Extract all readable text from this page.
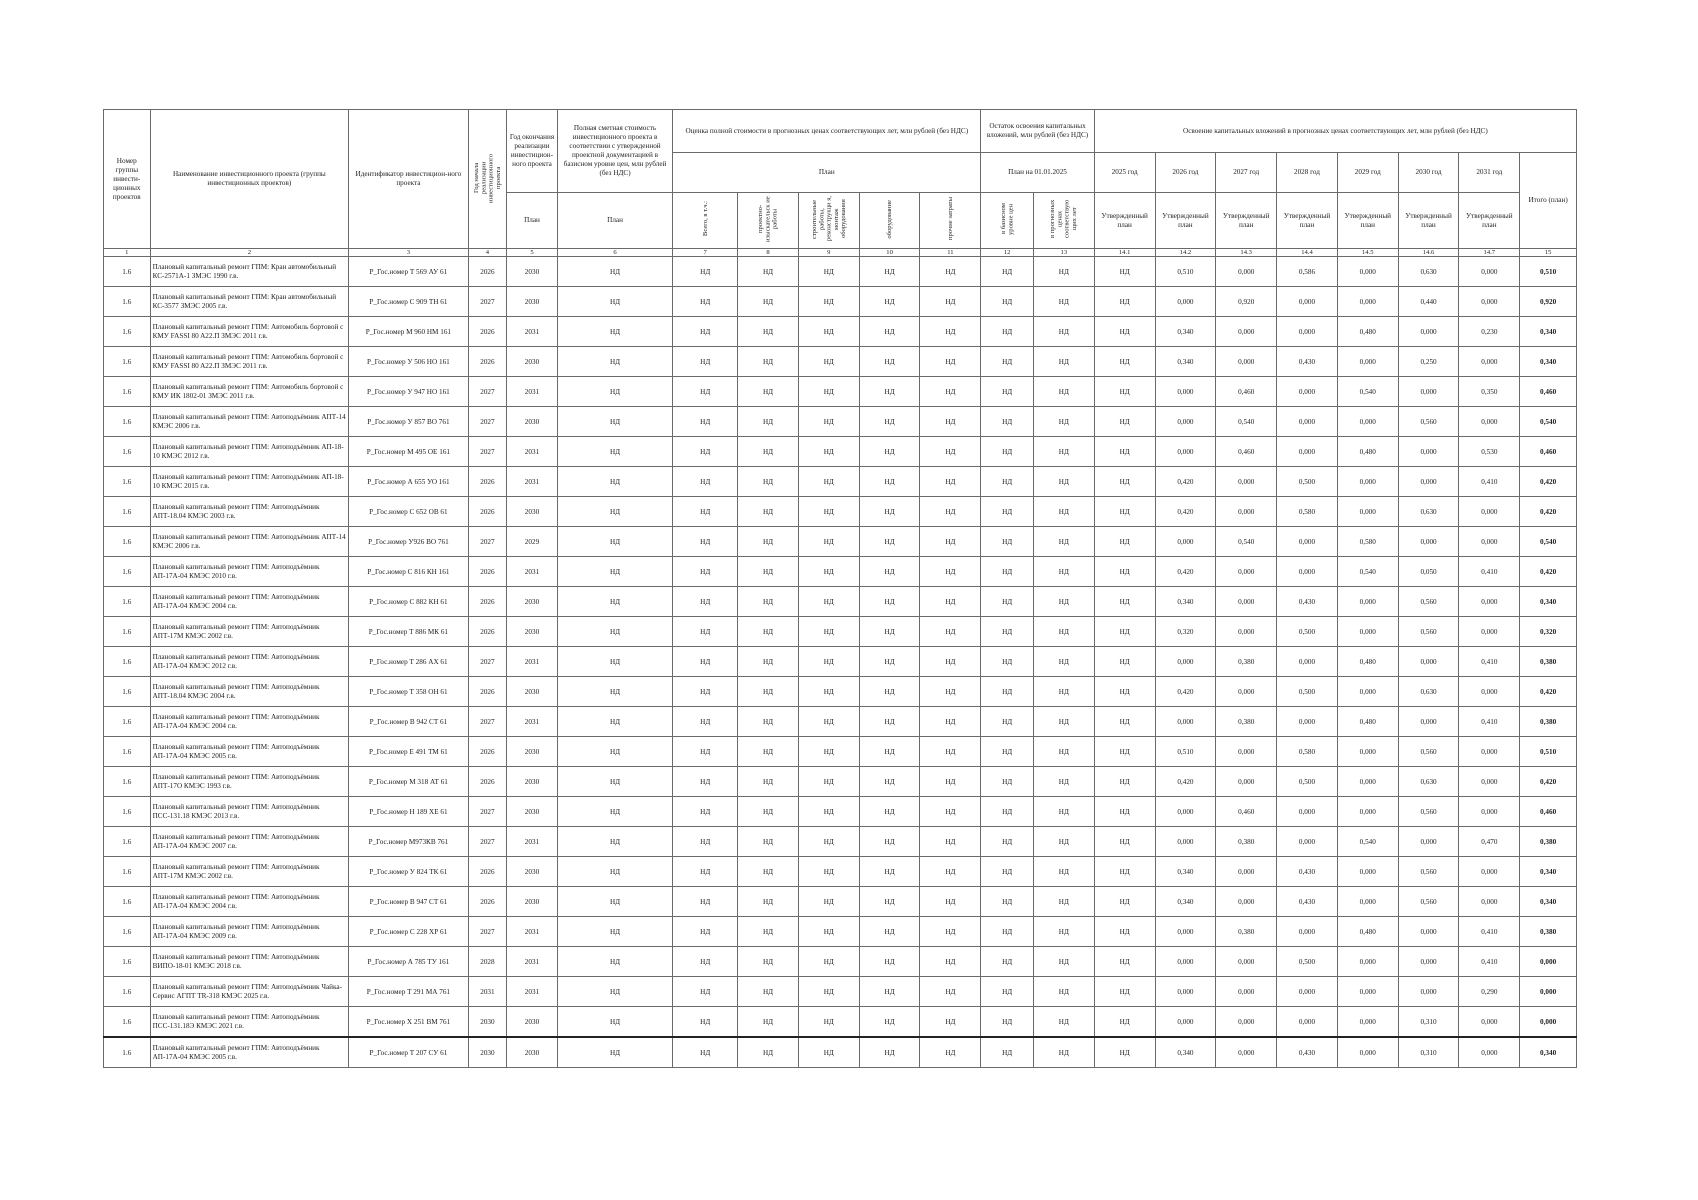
Номер группы инвести-ционных проектов	Наименование инвестиционного проекта (группы инвестиционных проектов)	Идентификатор инвестицион-ного проекта	Год начала реализации инвестиционного проекта	Год окончания реализации инвестицион-ного проекта	Полная сметная стоимость инвестиционного проекта в соответствии с утвержденной проектной документацией в базисном уровне цен, млн рублей (без НДС)	Оценка полной стоимости в прогнозных ценах соответствующих лет, млн рублей (без НДС)					Остаток освоения капитальных вложений, млн рублей (без НДС)		Освоение капитальных вложений в прогнозных ценах соответствующих лет, млн рублей (без НДС)							
						План					План на 01.01.2025		2025 год	2026 год	2027 год	2028 год	2029 год	2030 год	2031 год	Итого (план)
				План	План	Всего, в т.ч.:	проектно-изыскательск ие работы	строительные работы, реконструкци я, монтаж оборудования	оборудование	прочие затраты	в базисном уровне цен	в прогнозных ценах соответствую щих лет	Утвержденный план	Утвержденный план	Утвержденный план	Утвержденный план	Утвержденный план	Утвержденный план	Утвержденный план	
1	2	3	4	5	6	7	8	9	10	11	12	13	14.1	14.2	14.3	14.4	14.5	14.6	14.7	15
1.6	Плановый капитальный ремонт ГПМ: Кран автомобильный КС-2571А-1 ЗМЭС 1990 г.в.	Р_Гос.номер Т 569 АУ 61	2026	2030	НД	НД	НД	НД	НД	НД	НД	НД	НД	0,510	0,000	0,586	0,000	0,630	0,000	0,510
1.6	Плановый капитальный ремонт ГПМ: Кран автомобильный КС-3577 ЗМЭС 2005 г.в.	Р_Гос.номер С 909 ТН 61	2027	2030	НД	НД	НД	НД	НД	НД	НД	НД	НД	0,000	0,920	0,000	0,000	0,440	0,000	0,920
1.6	Плановый капитальный ремонт ГПМ: Автомобиль бортовой с КМУ FASSI 80 A22.П ЗМЭС 2011 г.в.	Р_Гос.номер М 960 НМ 161	2026	2031	НД	НД	НД	НД	НД	НД	НД	НД	НД	0,340	0,000	0,000	0,480	0,000	0,230	0,340
1.6	Плановый капитальный ремонт ГПМ: Автомобиль бортовой с КМУ FASSI 80 A22.П ЗМЭС 2011 г.в.	Р_Гос.номер У 506 НО 161	2026	2030	НД	НД	НД	НД	НД	НД	НД	НД	НД	0,340	0,000	0,430	0,000	0,250	0,000	0,340
1.6	Плановый капитальный ремонт ГПМ: Автомобиль бортовой с КМУ ИК 1802-01 ЗМЭС 2011 г.в.	Р_Гос.номер У 947 НО 161	2027	2031	НД	НД	НД	НД	НД	НД	НД	НД	НД	0,000	0,460	0,000	0,540	0,000	0,350	0,460
1.6	Плановый капитальный ремонт ГПМ: Автоподъёмник АПТ-14 КМЭС 2006 г.в.	Р_Гос.номер У 857 ВО 761	2027	2030	НД	НД	НД	НД	НД	НД	НД	НД	НД	0,000	0,540	0,000	0,000	0,560	0,000	0,540
1.6	Плановый капитальный ремонт ГПМ: Автоподъёмник АП-18-10 КМЭС 2012 г.в.	Р_Гос.номер М 495 ОЕ 161	2027	2031	НД	НД	НД	НД	НД	НД	НД	НД	НД	0,000	0,460	0,000	0,480	0,000	0,530	0,460
1.6	Плановый капитальный ремонт ГПМ: Автоподъёмник АП-18-10 КМЭС 2015 г.в.	Р_Гос.номер А 655 УО 161	2026	2031	НД	НД	НД	НД	НД	НД	НД	НД	НД	0,420	0,000	0,500	0,000	0,000	0,410	0,420
1.6	Плановый капитальный ремонт ГПМ: Автоподъёмник АПТ-18.04 КМЭС 2003 г.в.	Р_Гос.номер С 652 ОВ 61	2026	2030	НД	НД	НД	НД	НД	НД	НД	НД	НД	0,420	0,000	0,580	0,000	0,630	0,000	0,420
1.6	Плановый капитальный ремонт ГПМ: Автоподъёмник АПТ-14 КМЭС 2006 г.в.	Р_Гос.номер У926 ВО 761	2027	2029	НД	НД	НД	НД	НД	НД	НД	НД	НД	0,000	0,540	0,000	0,580	0,000	0,000	0,540
1.6	Плановый капитальный ремонт ГПМ: Автоподъёмник АП-17А-04 КМЭС 2010 г.в.	Р_Гос.номер С 816 КН 161	2026	2031	НД	НД	НД	НД	НД	НД	НД	НД	НД	0,420	0,000	0,000	0,540	0,050	0,410	0,420
1.6	Плановый капитальный ремонт ГПМ: Автоподъёмник АП-17А-04 КМЭС 2004 г.в.	Р_Гос.номер С 882 КН 61	2026	2030	НД	НД	НД	НД	НД	НД	НД	НД	НД	0,340	0,000	0,430	0,000	0,560	0,000	0,340
1.6	Плановый капитальный ремонт ГПМ: Автоподъёмник АПТ-17М КМЭС 2002 г.в.	Р_Гос.номер Т 886 МК 61	2026	2030	НД	НД	НД	НД	НД	НД	НД	НД	НД	0,320	0,000	0,500	0,000	0,560	0,000	0,320
1.6	Плановый капитальный ремонт ГПМ: Автоподъёмник АП-17А-04 КМЭС 2012 г.в.	Р_Гос.номер Т 286 АХ 61	2027	2031	НД	НД	НД	НД	НД	НД	НД	НД	НД	0,000	0,380	0,000	0,480	0,000	0,410	0,380
1.6	Плановый капитальный ремонт ГПМ: Автоподъёмник АПТ-18.04 КМЭС 2004 г.в.	Р_Гос.номер Т 358 ОН 61	2026	2030	НД	НД	НД	НД	НД	НД	НД	НД	НД	0,420	0,000	0,500	0,000	0,630	0,000	0,420
1.6	Плановый капитальный ремонт ГПМ: Автоподъёмник АП-17А-04 КМЭС 2004 г.в.	Р_Гос.номер В 942 СТ 61	2027	2031	НД	НД	НД	НД	НД	НД	НД	НД	НД	0,000	0,380	0,000	0,480	0,000	0,410	0,380
1.6	Плановый капитальный ремонт ГПМ: Автоподъёмник АП-17А-04 КМЭС 2005 г.в.	Р_Гос.номер Е 491 ТМ 61	2026	2030	НД	НД	НД	НД	НД	НД	НД	НД	НД	0,510	0,000	0,580	0,000	0,560	0,000	0,510
1.6	Плановый капитальный ремонт ГПМ: Автоподъёмник АПТ-17О КМЭС 1993 г.в.	Р_Гос.номер М 318 АТ 61	2026	2030	НД	НД	НД	НД	НД	НД	НД	НД	НД	0,420	0,000	0,500	0,000	0,630	0,000	0,420
1.6	Плановый капитальный ремонт ГПМ: Автоподъёмник ПСС-131.18 КМЭС 2013 г.в.	Р_Гос.номер Н 189 ХЕ 61	2027	2030	НД	НД	НД	НД	НД	НД	НД	НД	НД	0,000	0,460	0,000	0,000	0,560	0,000	0,460
1.6	Плановый капитальный ремонт ГПМ: Автоподъёмник АП-17А-04 КМЭС 2007 г.в.	Р_Гос.номер М973КВ 761	2027	2031	НД	НД	НД	НД	НД	НД	НД	НД	НД	0,000	0,380	0,000	0,540	0,000	0,470	0,380
1.6	Плановый капитальный ремонт ГПМ: Автоподъёмник АПТ-17М КМЭС 2002 г.в.	Р_Гос.номер У 824 ТК 61	2026	2030	НД	НД	НД	НД	НД	НД	НД	НД	НД	0,340	0,000	0,430	0,000	0,560	0,000	0,340
1.6	Плановый капитальный ремонт ГПМ: Автоподъёмник АП-17А-04 КМЭС 2004 г.в.	Р_Гос.номер В 947 СТ 61	2026	2030	НД	НД	НД	НД	НД	НД	НД	НД	НД	0,340	0,000	0,430	0,000	0,560	0,000	0,340
1.6	Плановый капитальный ремонт ГПМ: Автоподъёмник АП-17А-04 КМЭС 2009 г.в.	Р_Гос.номер С 228 ХР 61	2027	2031	НД	НД	НД	НД	НД	НД	НД	НД	НД	0,000	0,380	0,000	0,480	0,000	0,410	0,380
1.6	Плановый капитальный ремонт ГПМ: Автоподъёмник ВИПО-18-01 КМЭС 2018 г.в.	Р_Гос.номер А 785 ТУ 161	2028	2031	НД	НД	НД	НД	НД	НД	НД	НД	НД	0,000	0,000	0,500	0,000	0,000	0,410	0,000
1.6	Плановый капитальный ремонт ГПМ: Автоподъёмник Чайка-Сервис АГПТ TR-318 КМЭС 2025 г.в.	Р_Гос.номер Т 291 МА 761	2031	2031	НД	НД	НД	НД	НД	НД	НД	НД	НД	0,000	0,000	0,000	0,000	0,000	0,290	0,000
1.6	Плановый капитальный ремонт ГПМ: Автоподъёмник ПСС-131.18Э КМЭС 2021 г.в.	Р_Гос.номер Х 251 ВМ 761	2030	2030	НД	НД	НД	НД	НД	НД	НД	НД	НД	0,000	0,000	0,000	0,000	0,310	0,000	0,000
1.6	Плановый капитальный ремонт ГПМ: Автоподъёмник АП-17А-04 КМЭС 2005 г.в.	Р_Гос.номер Т 207 СУ 61	2030	2030	НД	НД	НД	НД	НД	НД	НД	НД	НД	0,340	0,000	0,430	0,000	0,310	0,000	0,340
